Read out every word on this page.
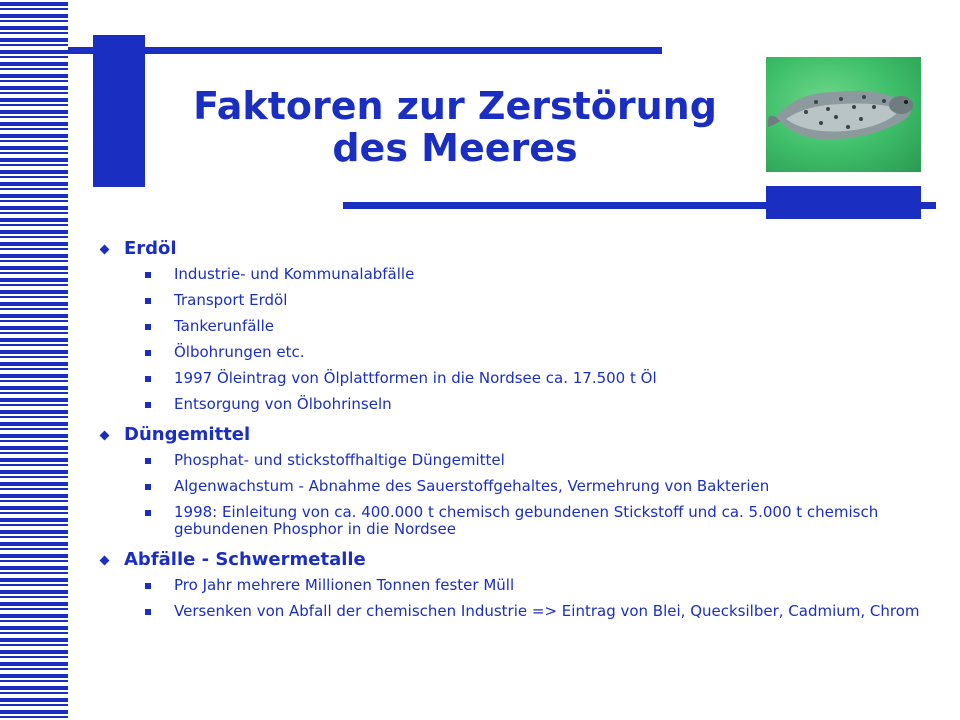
Faktoren zur Zerstörung
des Meeres
Erdöl
Industrie- und Kommunalabfälle
Transport Erdöl
Tankerunfälle
Ölbohrungen etc.
1997 Öleintrag von Ölplattformen in die Nordsee ca. 17.500 t Öl
Entsorgung von Ölbohrinseln
Düngemittel
Phosphat- und stickstoffhaltige Düngemittel
Algenwachstum - Abnahme des Sauerstoffgehaltes, Vermehrung von Bakterien
1998: Einleitung von ca. 400.000 t chemisch gebundenen Stickstoff und ca. 5.000 t chemisch gebundenen Phosphor in die Nordsee
Abfälle - Schwermetalle
Pro Jahr mehrere Millionen Tonnen fester Müll
Versenken von Abfall der chemischen Industrie => Eintrag von Blei, Quecksilber, Cadmium, Chrom
